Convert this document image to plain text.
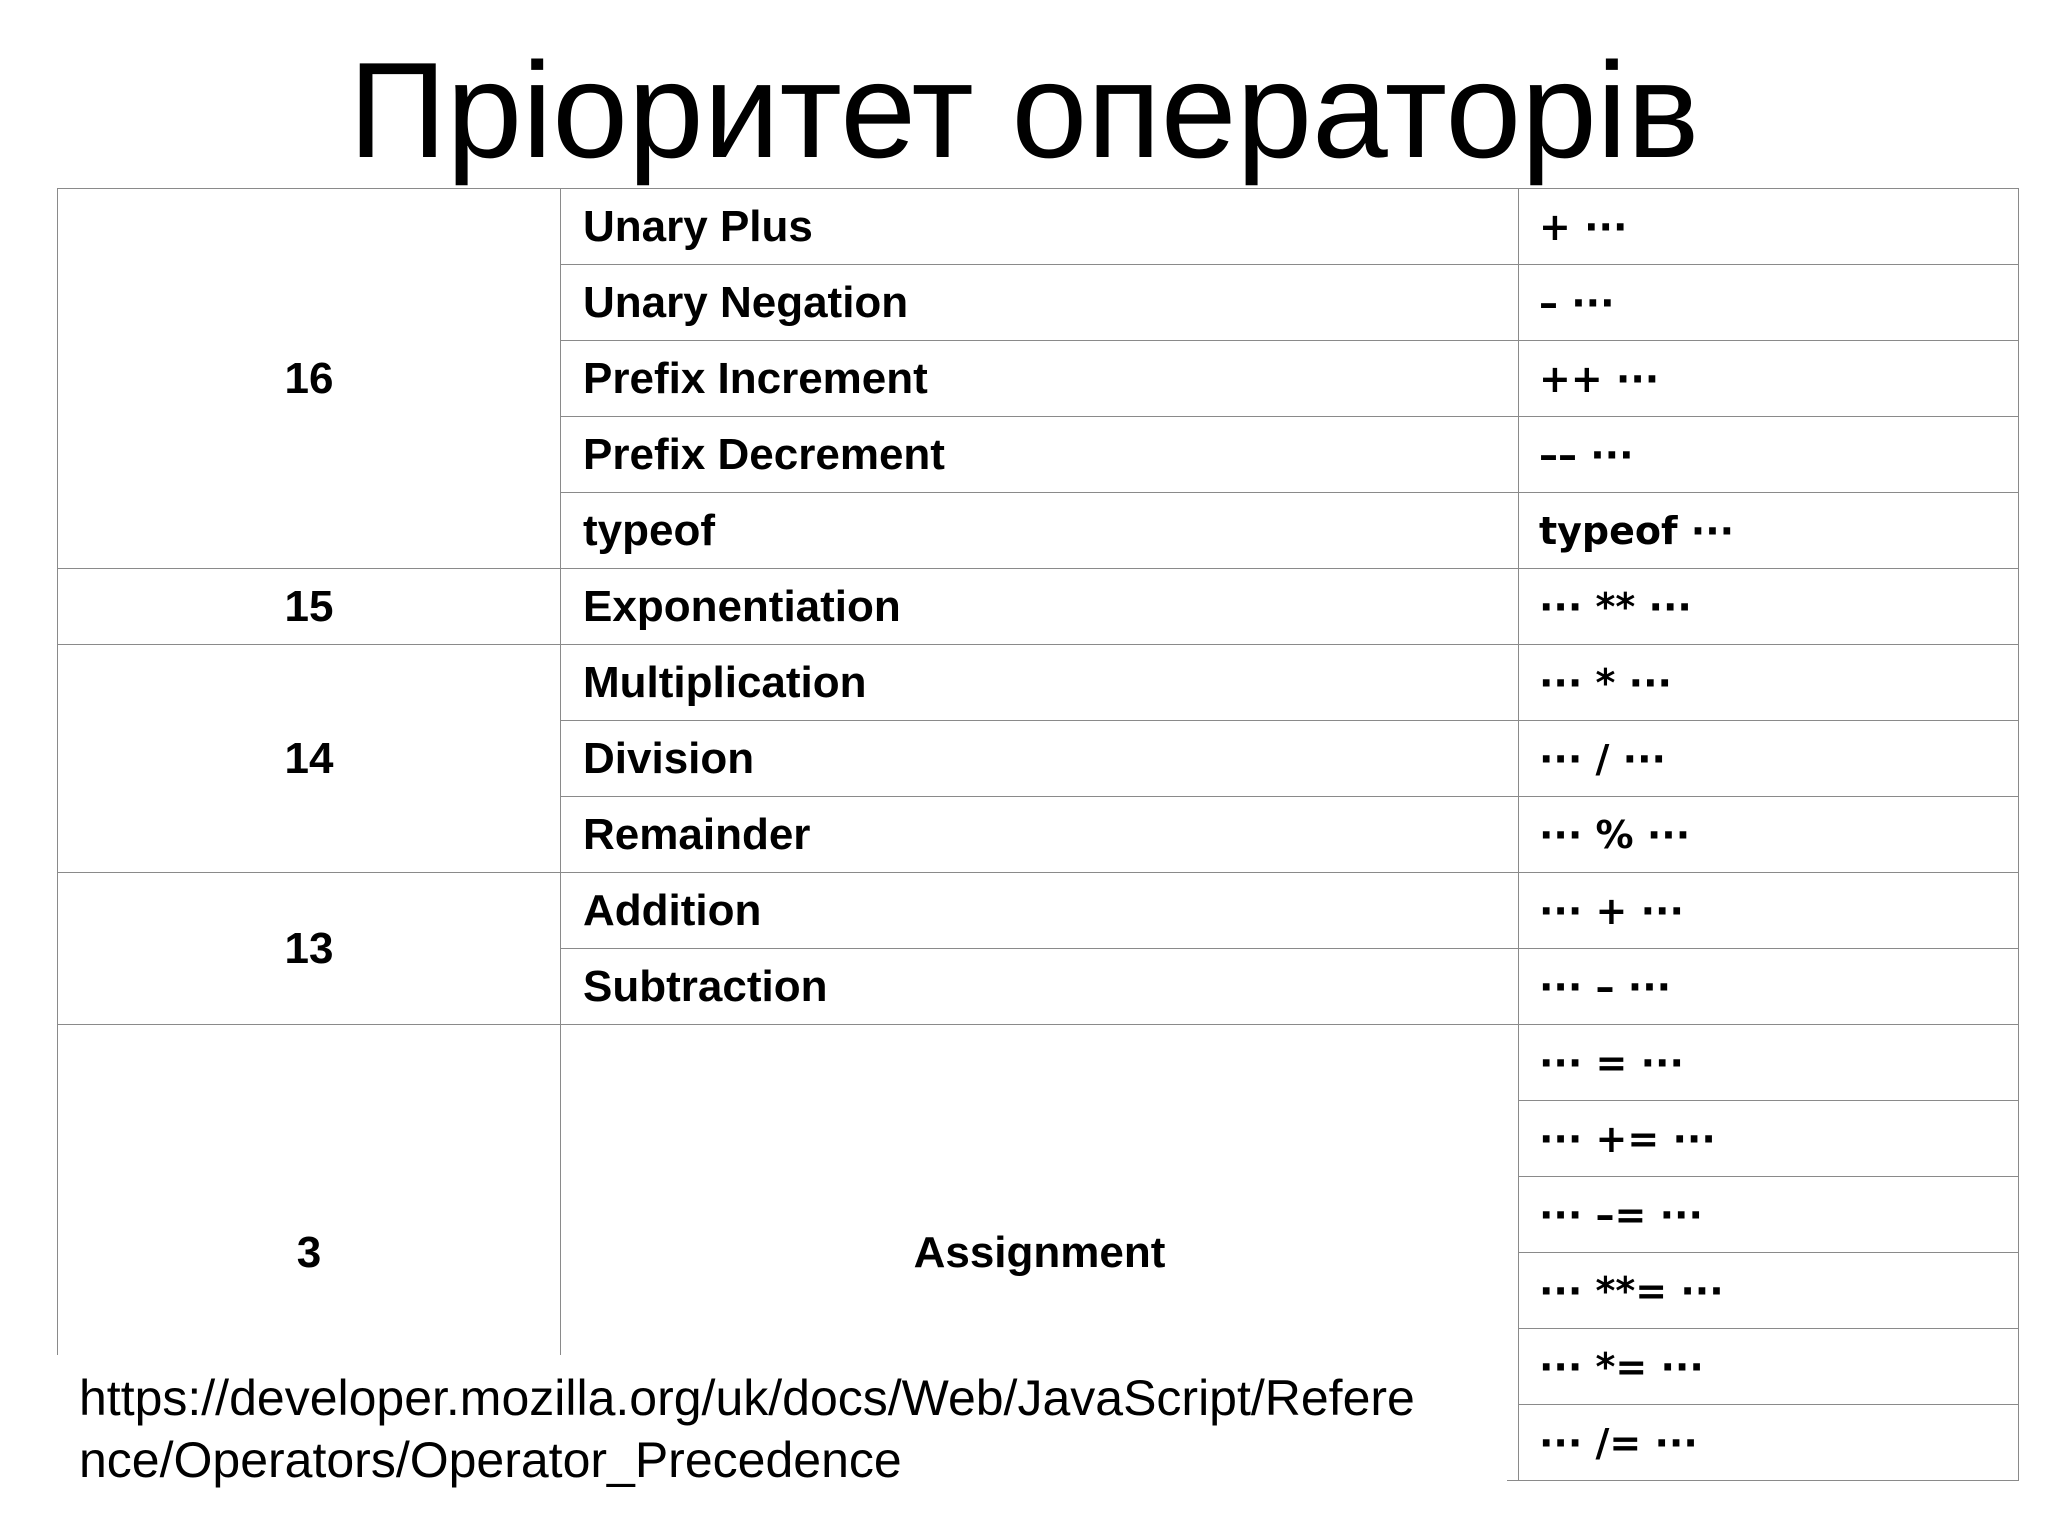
Пріоритет операторів
16	Unary Plus	+ ···
	Unary Negation	– ···
	Prefix Increment	++ ···
	Prefix Decrement	–– ···
	typeof	typeof ···
15	Exponentiation	··· ** ···
14	Multiplication	··· * ···
	Division	··· / ···
	Remainder	··· % ···
13	Addition	··· + ···
	Subtraction	··· – ···
3	Assignment	··· = ···
		··· += ···
		··· –= ···
		··· **= ···
		··· *= ···
		··· /= ···
https://developer.mozilla.org/uk/docs/Web/JavaScript/Refere
nce/Operators/Operator_Precedence
